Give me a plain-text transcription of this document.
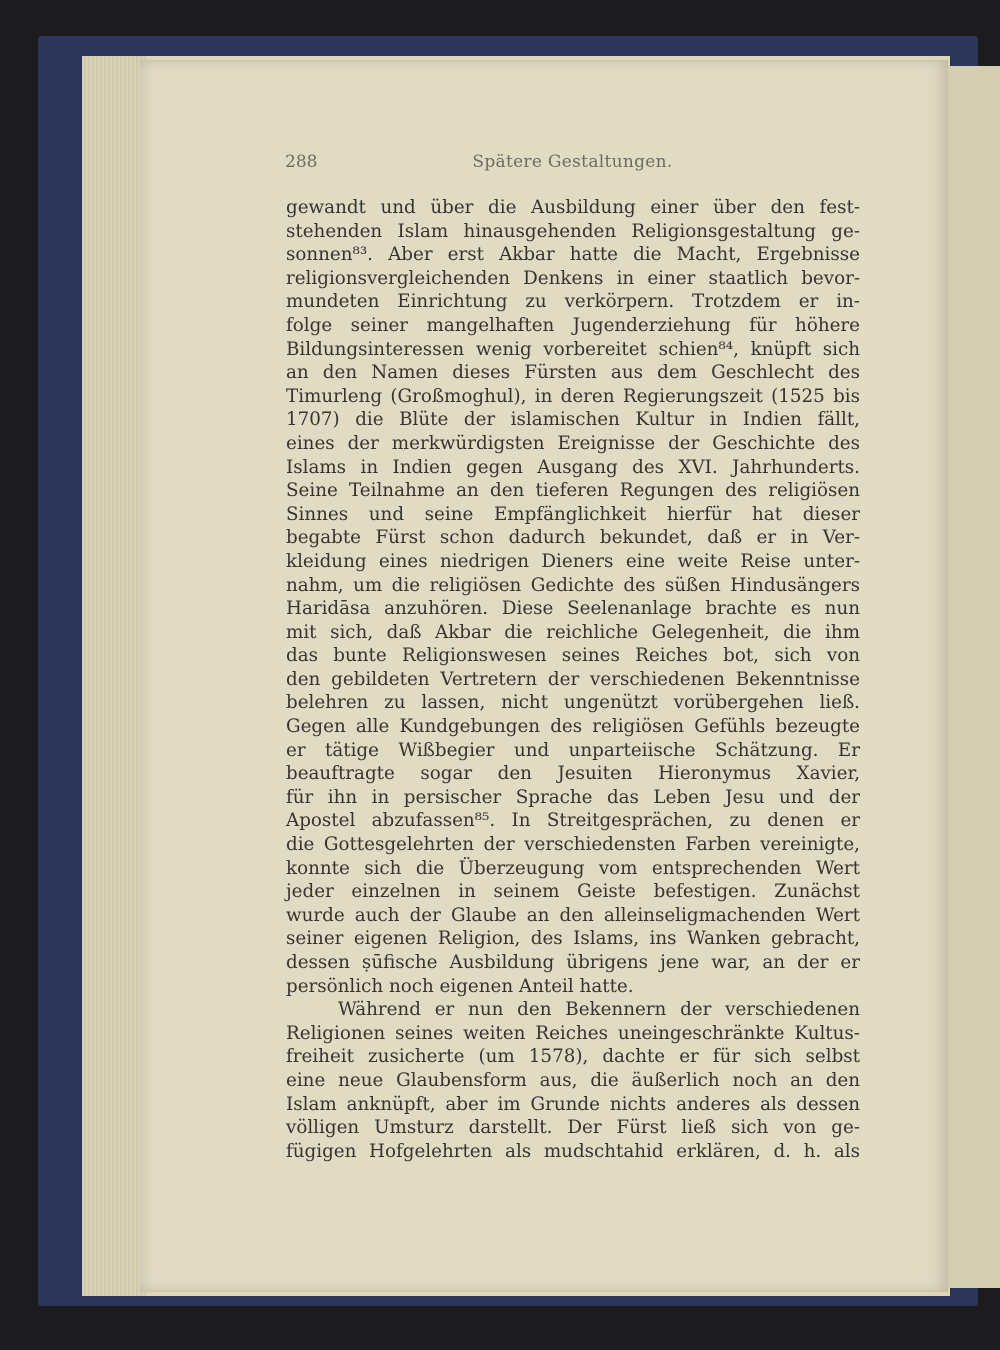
288	Spätere Gestaltungen.
gewandt und über die Ausbildung einer über den fest-
stehenden Islam hinausgehenden Religionsgestaltung ge-
sonnen⁸³. Aber erst Akbar hatte die Macht, Ergebnisse
religionsvergleichenden Denkens in einer staatlich bevor-
mundeten Einrichtung zu verkörpern. Trotzdem er in-
folge seiner mangelhaften Jugenderziehung für höhere
Bildungsinteressen wenig vorbereitet schien⁸⁴, knüpft sich
an den Namen dieses Fürsten aus dem Geschlecht des
Timurleng (Großmoghul), in deren Regierungszeit (1525 bis
1707) die Blüte der islamischen Kultur in Indien fällt,
eines der merkwürdigsten Ereignisse der Geschichte des
Islams in Indien gegen Ausgang des XVI. Jahrhunderts.
Seine Teilnahme an den tieferen Regungen des religiösen
Sinnes und seine Empfänglichkeit hierfür hat dieser
begabte Fürst schon dadurch bekundet, daß er in Ver-
kleidung eines niedrigen Dieners eine weite Reise unter-
nahm, um die religiösen Gedichte des süßen Hindusängers
Haridāsa anzuhören. Diese Seelenanlage brachte es nun
mit sich, daß Akbar die reichliche Gelegenheit, die ihm
das bunte Religionswesen seines Reiches bot, sich von
den gebildeten Vertretern der verschiedenen Bekenntnisse
belehren zu lassen, nicht ungenützt vorübergehen ließ.
Gegen alle Kundgebungen des religiösen Gefühls bezeugte
er tätige Wißbegier und unparteiische Schätzung. Er
beauftragte sogar den Jesuiten Hieronymus Xavier,
für ihn in persischer Sprache das Leben Jesu und der
Apostel abzufassen⁸⁵. In Streitgesprächen, zu denen er
die Gottesgelehrten der verschiedensten Farben vereinigte,
konnte sich die Überzeugung vom entsprechenden Wert
jeder einzelnen in seinem Geiste befestigen. Zunächst
wurde auch der Glaube an den alleinseligmachenden Wert
seiner eigenen Religion, des Islams, ins Wanken gebracht,
dessen ṣūfische Ausbildung übrigens jene war, an der er
persönlich noch eigenen Anteil hatte.
Während er nun den Bekennern der verschiedenen
Religionen seines weiten Reiches uneingeschränkte Kultus-
freiheit zusicherte (um 1578), dachte er für sich selbst
eine neue Glaubensform aus, die äußerlich noch an den
Islam anknüpft, aber im Grunde nichts anderes als dessen
völligen Umsturz darstellt. Der Fürst ließ sich von ge-
fügigen Hofgelehrten als mudschtahid erklären, d. h. als
